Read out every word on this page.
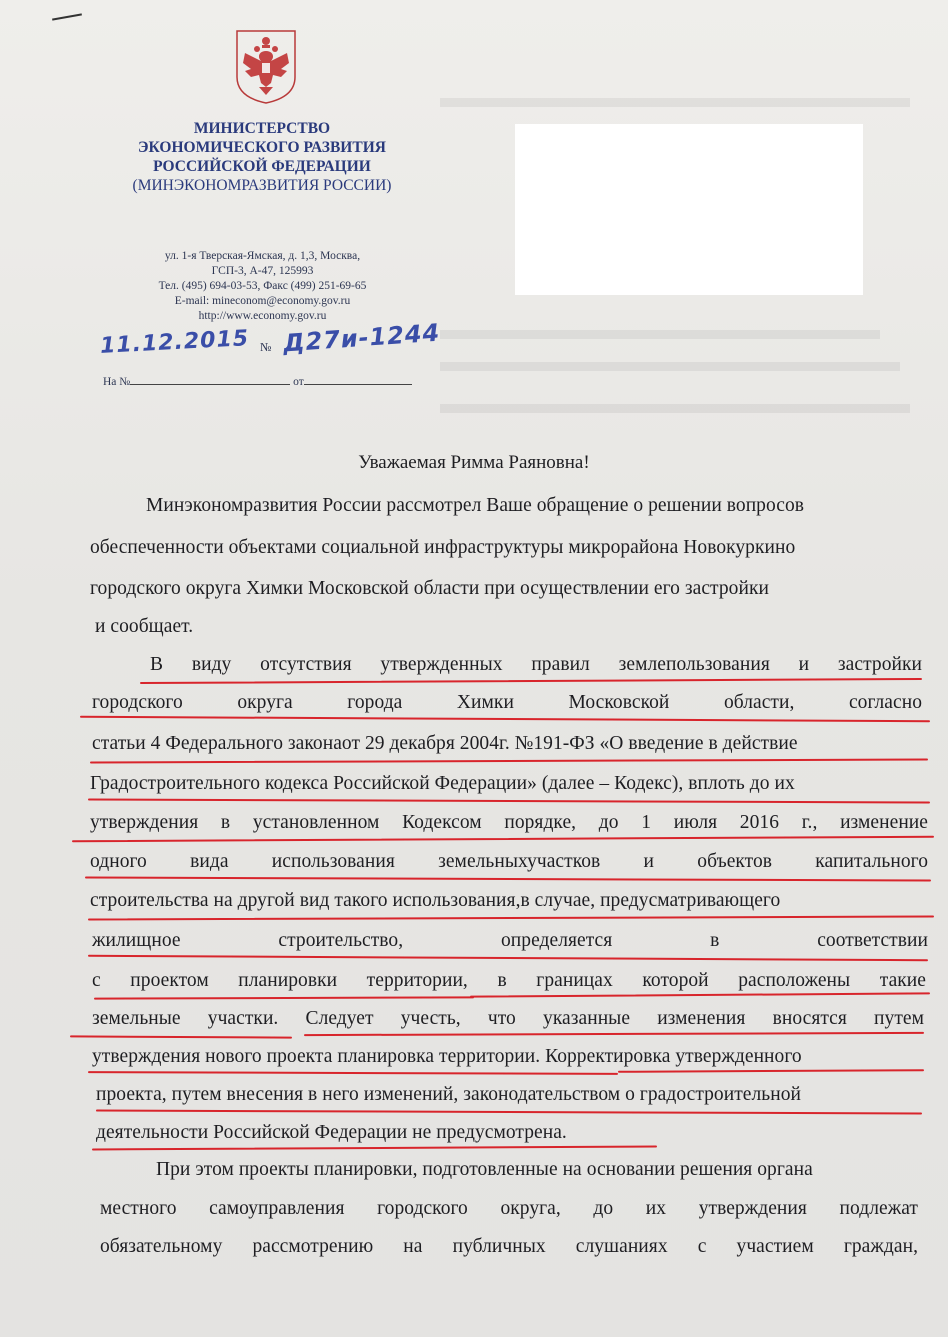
МИНИСТЕРСТВО
ЭКОНОМИЧЕСКОГО РАЗВИТИЯ
РОССИЙСКОЙ ФЕДЕРАЦИИ
(МИНЭКОНОМРАЗВИТИЯ РОССИИ)
ул. 1-я Тверская-Ямская, д. 1,3, Москва,
ГСП-3, А-47, 125993
Тел. (495) 694-03-53, Факс (499) 251-69-65
E-mail: mineconom@economy.gov.ru
http://www.economy.gov.ru
11.12.2015 № Д27и-1244
На №	от
Уважаемая Римма Раяновна!
Минэкономразвития России рассмотрел Ваше обращение о решении вопросов
обеспеченности объектами социальной инфраструктуры микрорайона Новокуркино
городского округа Химки Московской области при осуществлении его застройки
и сообщает.
В виду отсутствия утвержденных правил землепользования и застройки
городского округа города Химки Московской области, согласно
статьи 4 Федерального законаот 29 декабря 2004г. №191-ФЗ «О введение в действие
Градостроительного кодекса Российской Федерации» (далее – Кодекс), вплоть до их
утверждения в установленном Кодексом порядке, до 1 июля 2016 г., изменение
одного вида использования земельныхучастков и объектов капитального
строительства на другой вид такого использования,в случае, предусматривающего
жилищное строительство, определяется в соответствии
с проектом планировки территории, в границах которой расположены такие
земельные участки. Следует учесть, что указанные изменения вносятся путем
утверждения нового проекта планировка территории. Корректировка утвержденного
проекта, путем внесения в него изменений, законодательством о градостроительной
деятельности Российской Федерации не предусмотрена.
При этом проекты планировки, подготовленные на основании решения органа
местного самоуправления городского округа, до их утверждения подлежат
обязательному рассмотрению на публичных слушаниях с участием граждан,
